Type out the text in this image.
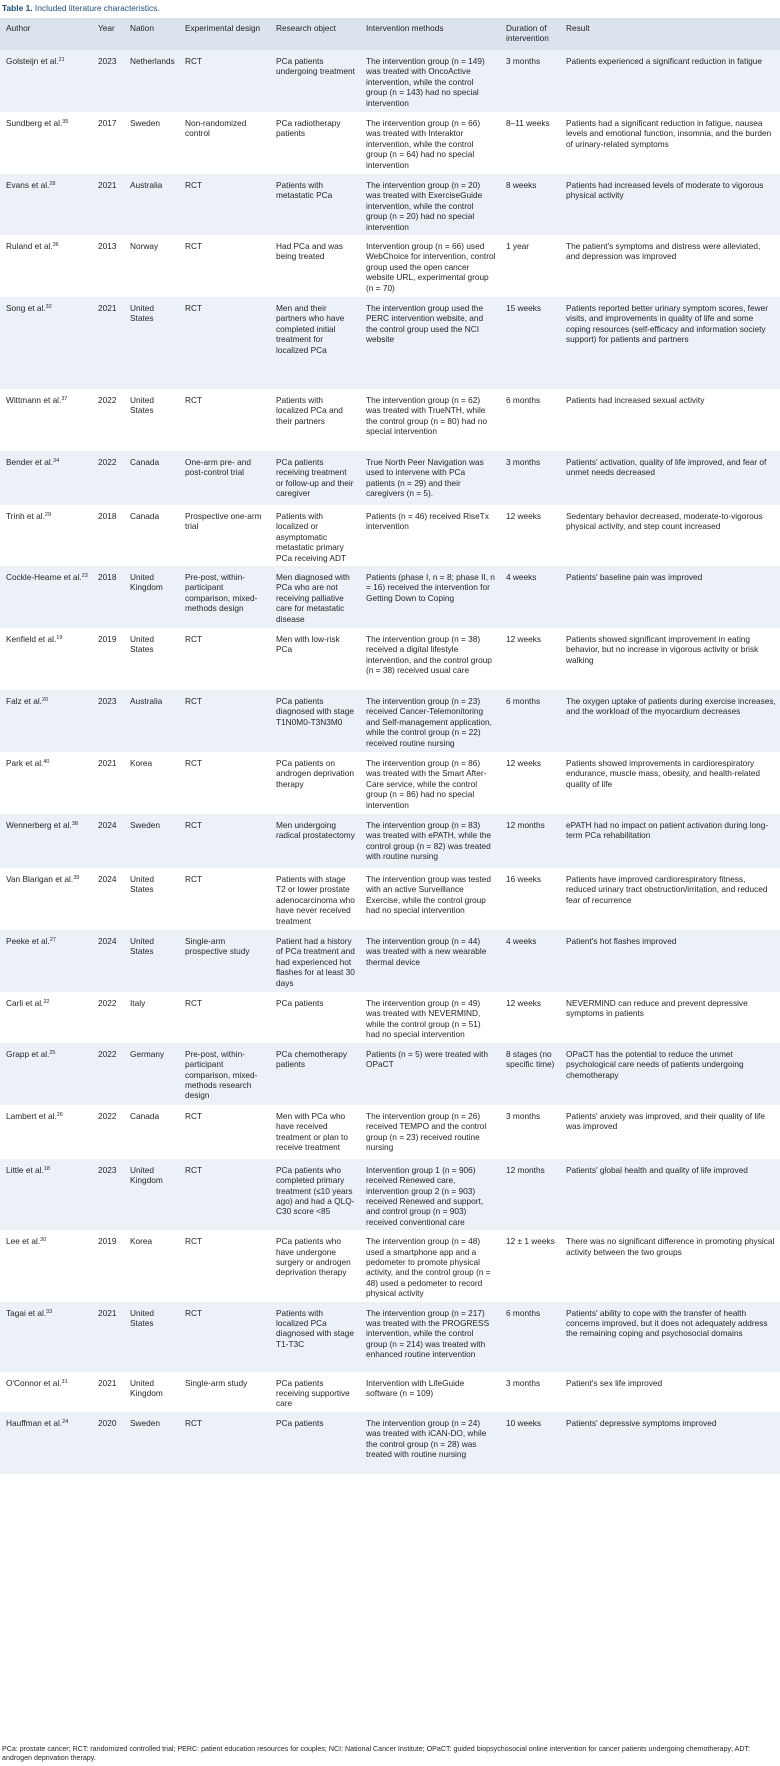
Table 1. Included literature characteristics.
Author	Year	Nation	Experimental design	Research object	Intervention methods	Duration of intervention	Result
Golsteijn et al.$^{21}$	2023	Netherlands	RCT	PCa patients undergoing treatment	The intervention group (n = 149) was treated with OncoActive intervention, while the control group (n = 143) had no special intervention	3 months	Patients experienced a significant reduction in fatigue
Sundberg et al.$^{35}$	2017	Sweden	Non-randomized control	PCa radiotherapy patients	The intervention group (n = 66) was treated with Interaktor intervention, while the control group (n = 64) had no special intervention	8–11 weeks	Patients had a significant reduction in fatigue, nausea levels and emotional function, insomnia, and the burden of urinary-related symptoms
Evans et al.$^{28}$	2021	Australia	RCT	Patients with metastatic PCa	The intervention group (n = 20) was treated with ExerciseGuide intervention, while the control group (n = 20) had no special intervention	8 weeks	Patients had increased levels of moderate to vigorous physical activity
Ruland et al.$^{36}$	2013	Norway	RCT	Had PCa and was being treated	Intervention group (n = 66) used WebChoice for intervention, control group used the open cancer website URL, experimental group (n = 70)	1 year	The patient's symptoms and distress were alleviated, and depression was improved
Song et al.$^{32}$	2021	United States	RCT	Men and their partners who have completed initial treatment for localized PCa	The intervention group used the PERC intervention website, and the control group used the NCI website	15 weeks	Patients reported better urinary symptom scores, fewer visits, and improvements in quality of life and some coping resources (self-efficacy and information society support) for patients and partners
Wittmann et al.$^{37}$	2022	United States	RCT	Patients with localized PCa and their partners	The intervention group (n = 62) was treated with TrueNTH, while the control group (n = 80) had no special intervention	6 months	Patients had increased sexual activity
Bender et al.$^{34}$	2022	Canada	One-arm pre- and post-control trial	PCa patients receiving treatment or follow-up and their caregiver	True North Peer Navigation was used to intervene with PCa patients (n = 29) and their caregivers (n = 5).	3 months	Patients' activation, quality of life improved, and fear of unmet needs decreased
Trinh et al.$^{29}$	2018	Canada	Prospective one-arm trial	Patients with localized or asymptomatic metastatic primary PCa receiving ADT	Patients (n = 46) received RiseTx intervention	12 weeks	Sedentary behavior decreased, moderate-to-vigorous physical activity, and step count increased
Cockle-Hearne et al.$^{23}$	2018	United Kingdom	Pre-post, within-participant comparison, mixed-methods design	Men diagnosed with PCa who are not receiving palliative care for metastatic disease	Patients (phase I, n = 8; phase II, n = 16) received the intervention for Getting Down to Coping	4 weeks	Patients' baseline pain was improved
Kenfield et al.$^{19}$	2019	United States	RCT	Men with low-risk PCa	The intervention group (n = 38) received a digital lifestyle intervention, and the control group (n = 38) received usual care	12 weeks	Patients showed significant improvement in eating behavior, but no increase in vigorous activity or brisk walking
Falz et al.$^{20}$	2023	Australia	RCT	PCa patients diagnosed with stage T1N0M0-T3N3M0	The intervention group (n = 23) received Cancer-Telemonitoring and Self-management application, while the control group (n = 22) received routine nursing	6 months	The oxygen uptake of patients during exercise increases, and the workload of the myocardium decreases
Park et al.$^{40}$	2021	Korea	RCT	PCa patients on androgen deprivation therapy	The intervention group (n = 86) was treated with the Smart After-Care service, while the control group (n = 86) had no special intervention	12 weeks	Patients showed improvements in cardiorespiratory endurance, muscle mass, obesity, and health-related quality of life
Wennerberg et al.$^{38}$	2024	Sweden	RCT	Men undergoing radical prostatectomy	The intervention group (n = 83) was treated with ePATH, while the control group (n = 82) was treated with routine nursing	12 months	ePATH had no impact on patient activation during long-term PCa rehabilitation
Van Blarigan et al.$^{39}$	2024	United States	RCT	Patients with stage T2 or lower prostate adenocarcinoma who have never received treatment	The intervention group was tested with an active Surveillance Exercise, while the control group had no special intervention	16 weeks	Patients have improved cardiorespiratory fitness, reduced urinary tract obstruction/irritation, and reduced fear of recurrence
Peeke et al.$^{27}$	2024	United States	Single-arm prospective study	Patient had a history of PCa treatment and had experienced hot flashes for at least 30 days	The intervention group (n = 44) was treated with a new wearable thermal device	4 weeks	Patient's hot flashes improved
Carli et al.$^{22}$	2022	Italy	RCT	PCa patients	The intervention group (n = 49) was treated with NEVERMIND, while the control group (n = 51) had no special intervention	12 weeks	NEVERMIND can reduce and prevent depressive symptoms in patients
Grapp et al.$^{25}$	2022	Germany	Pre-post, within-participant comparison, mixed-methods research design	PCa chemotherapy patients	Patients (n = 5) were treated with OPaCT	8 stages (no specific time)	OPaCT has the potential to reduce the unmet psychological care needs of patients undergoing chemotherapy
Lambert et al.$^{26}$	2022	Canada	RCT	Men with PCa who have received treatment or plan to receive treatment	The intervention group (n = 26) received TEMPO and the control group (n = 23) received routine nursing	3 months	Patients' anxiety was improved, and their quality of life was improved
Little et al.$^{18}$	2023	United Kingdom	RCT	PCa patients who completed primary treatment (≤10 years ago) and had a QLQ-C30 score <85	Intervention group 1 (n = 906) received Renewed care, intervention group 2 (n = 903) received Renewed and support, and control group (n = 903) received conventional care	12 months	Patients' global health and quality of life improved
Lee et al.$^{30}$	2019	Korea	RCT	PCa patients who have undergone surgery or androgen deprivation therapy	The intervention group (n = 48) used a smartphone app and a pedometer to promote physical activity, and the control group (n = 48) used a pedometer to record physical activity	12 ± 1 weeks	There was no significant difference in promoting physical activity between the two groups
Tagai et al.$^{33}$	2021	United States	RCT	Patients with localized PCa diagnosed with stage T1-T3C	The intervention group (n = 217) was treated with the PROGRESS intervention, while the control group (n = 214) was treated with enhanced routine intervention	6 months	Patients' ability to cope with the transfer of health concerns improved, but it does not adequately address the remaining coping and psychosocial domains
O'Connor et al.$^{31}$	2021	United Kingdom	Single-arm study	PCa patients receiving supportive care	Intervention with LifeGuide software (n = 109)	3 months	Patient's sex life improved
Hauffman et al.$^{24}$	2020	Sweden	RCT	PCa patients	The intervention group (n = 24) was treated with iCAN-DO, while the control group (n = 28) was treated with routine nursing	10 weeks	Patients' depressive symptoms improved
PCa: prostate cancer; RCT: randomized controlled trial; PERC: patient education resources for couples; NCI: National Cancer Institute; OPaCT: guided biopsychosocial online intervention for cancer patients undergoing chemotherapy; ADT: androgen deprivation therapy.
